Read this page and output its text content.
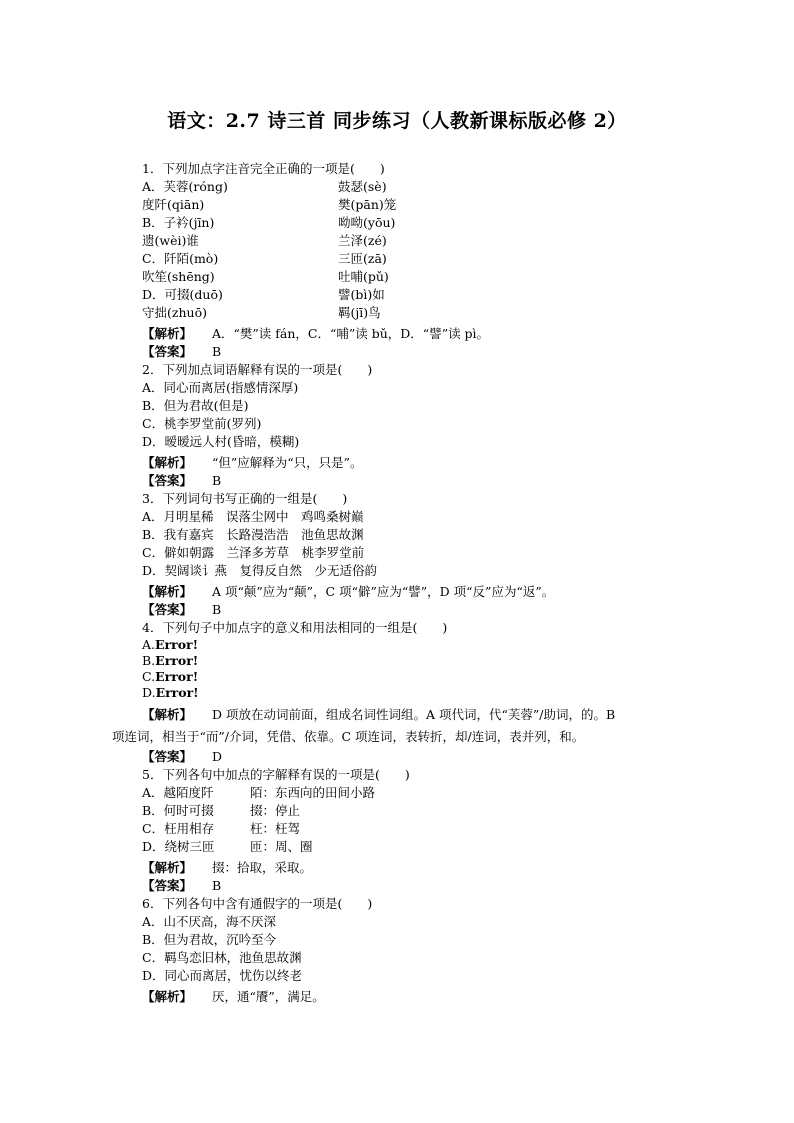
语文：2.7 诗三首 同步练习（人教新课标版必修 2）
1．下列加点字注音完全正确的一项是(　　)
A．芙蓉(róng)	鼓瑟(sè)
度阡(qiān)	樊(pān)笼
B．子衿(jīn)	呦呦(yōu)
遗(wèi)谁	兰泽(zé)
C．阡陌(mò)	三匝(zā)
吹笙(shēng)	吐哺(pǔ)
D．可掇(duō)	譬(bì)如
守拙(zhuō)	羁(jī)鸟
【解析】 A．“樊”读 fán，C．“哺”读 bǔ，D．“譬”读 pì。
【答案】 B
2．下列加点词语解释有误的一项是(　　)
A．同心而离居(指感情深厚)
B．但为君故(但是)
C．桃李罗堂前(罗列)
D．暧暧远人村(昏暗，模糊)
【解析】 “但”应解释为“只，只是”。
【答案】 B
3．下列词句书写正确的一组是(　　)
A．月明星稀　误落尘网中　鸡鸣桑树巅
B．我有嘉宾　长路漫浩浩　池鱼思故渊
C．僻如朝露　兰泽多芳草　桃李罗堂前
D．契阔谈讠燕　复得反自然　少无适俗韵
【解析】 A 项“颠”应为“颠”，C 项“僻”应为“譬”，D 项“反”应为“返”。
【答案】 B
4．下列句子中加点字的意义和用法相同的一组是(　　)
A.Error!
B.Error!
C.Error!
D.Error!
【解析】 D 项放在动词前面，组成名词性词组。A 项代词，代“芙蓉”/助词，的。B
项连词，相当于“而”/介词，凭借、依靠。C 项连词，表转折，却/连词，表并列，和。
【答案】 D
5．下列各句中加点的字解释有误的一项是(　　)
A．越陌度阡	陌：东西向的田间小路
B．何时可掇	掇：停止
C．枉用相存	枉：枉驾
D．绕树三匝	匝：周、圈
【解析】 掇：拾取，采取。
【答案】 B
6．下列各句中含有通假字的一项是(　　)
A．山不厌高，海不厌深
B．但为君故，沉吟至今
C．羁鸟恋旧林，池鱼思故渊
D．同心而离居，忧伤以终老
【解析】 厌，通“餍”，满足。
